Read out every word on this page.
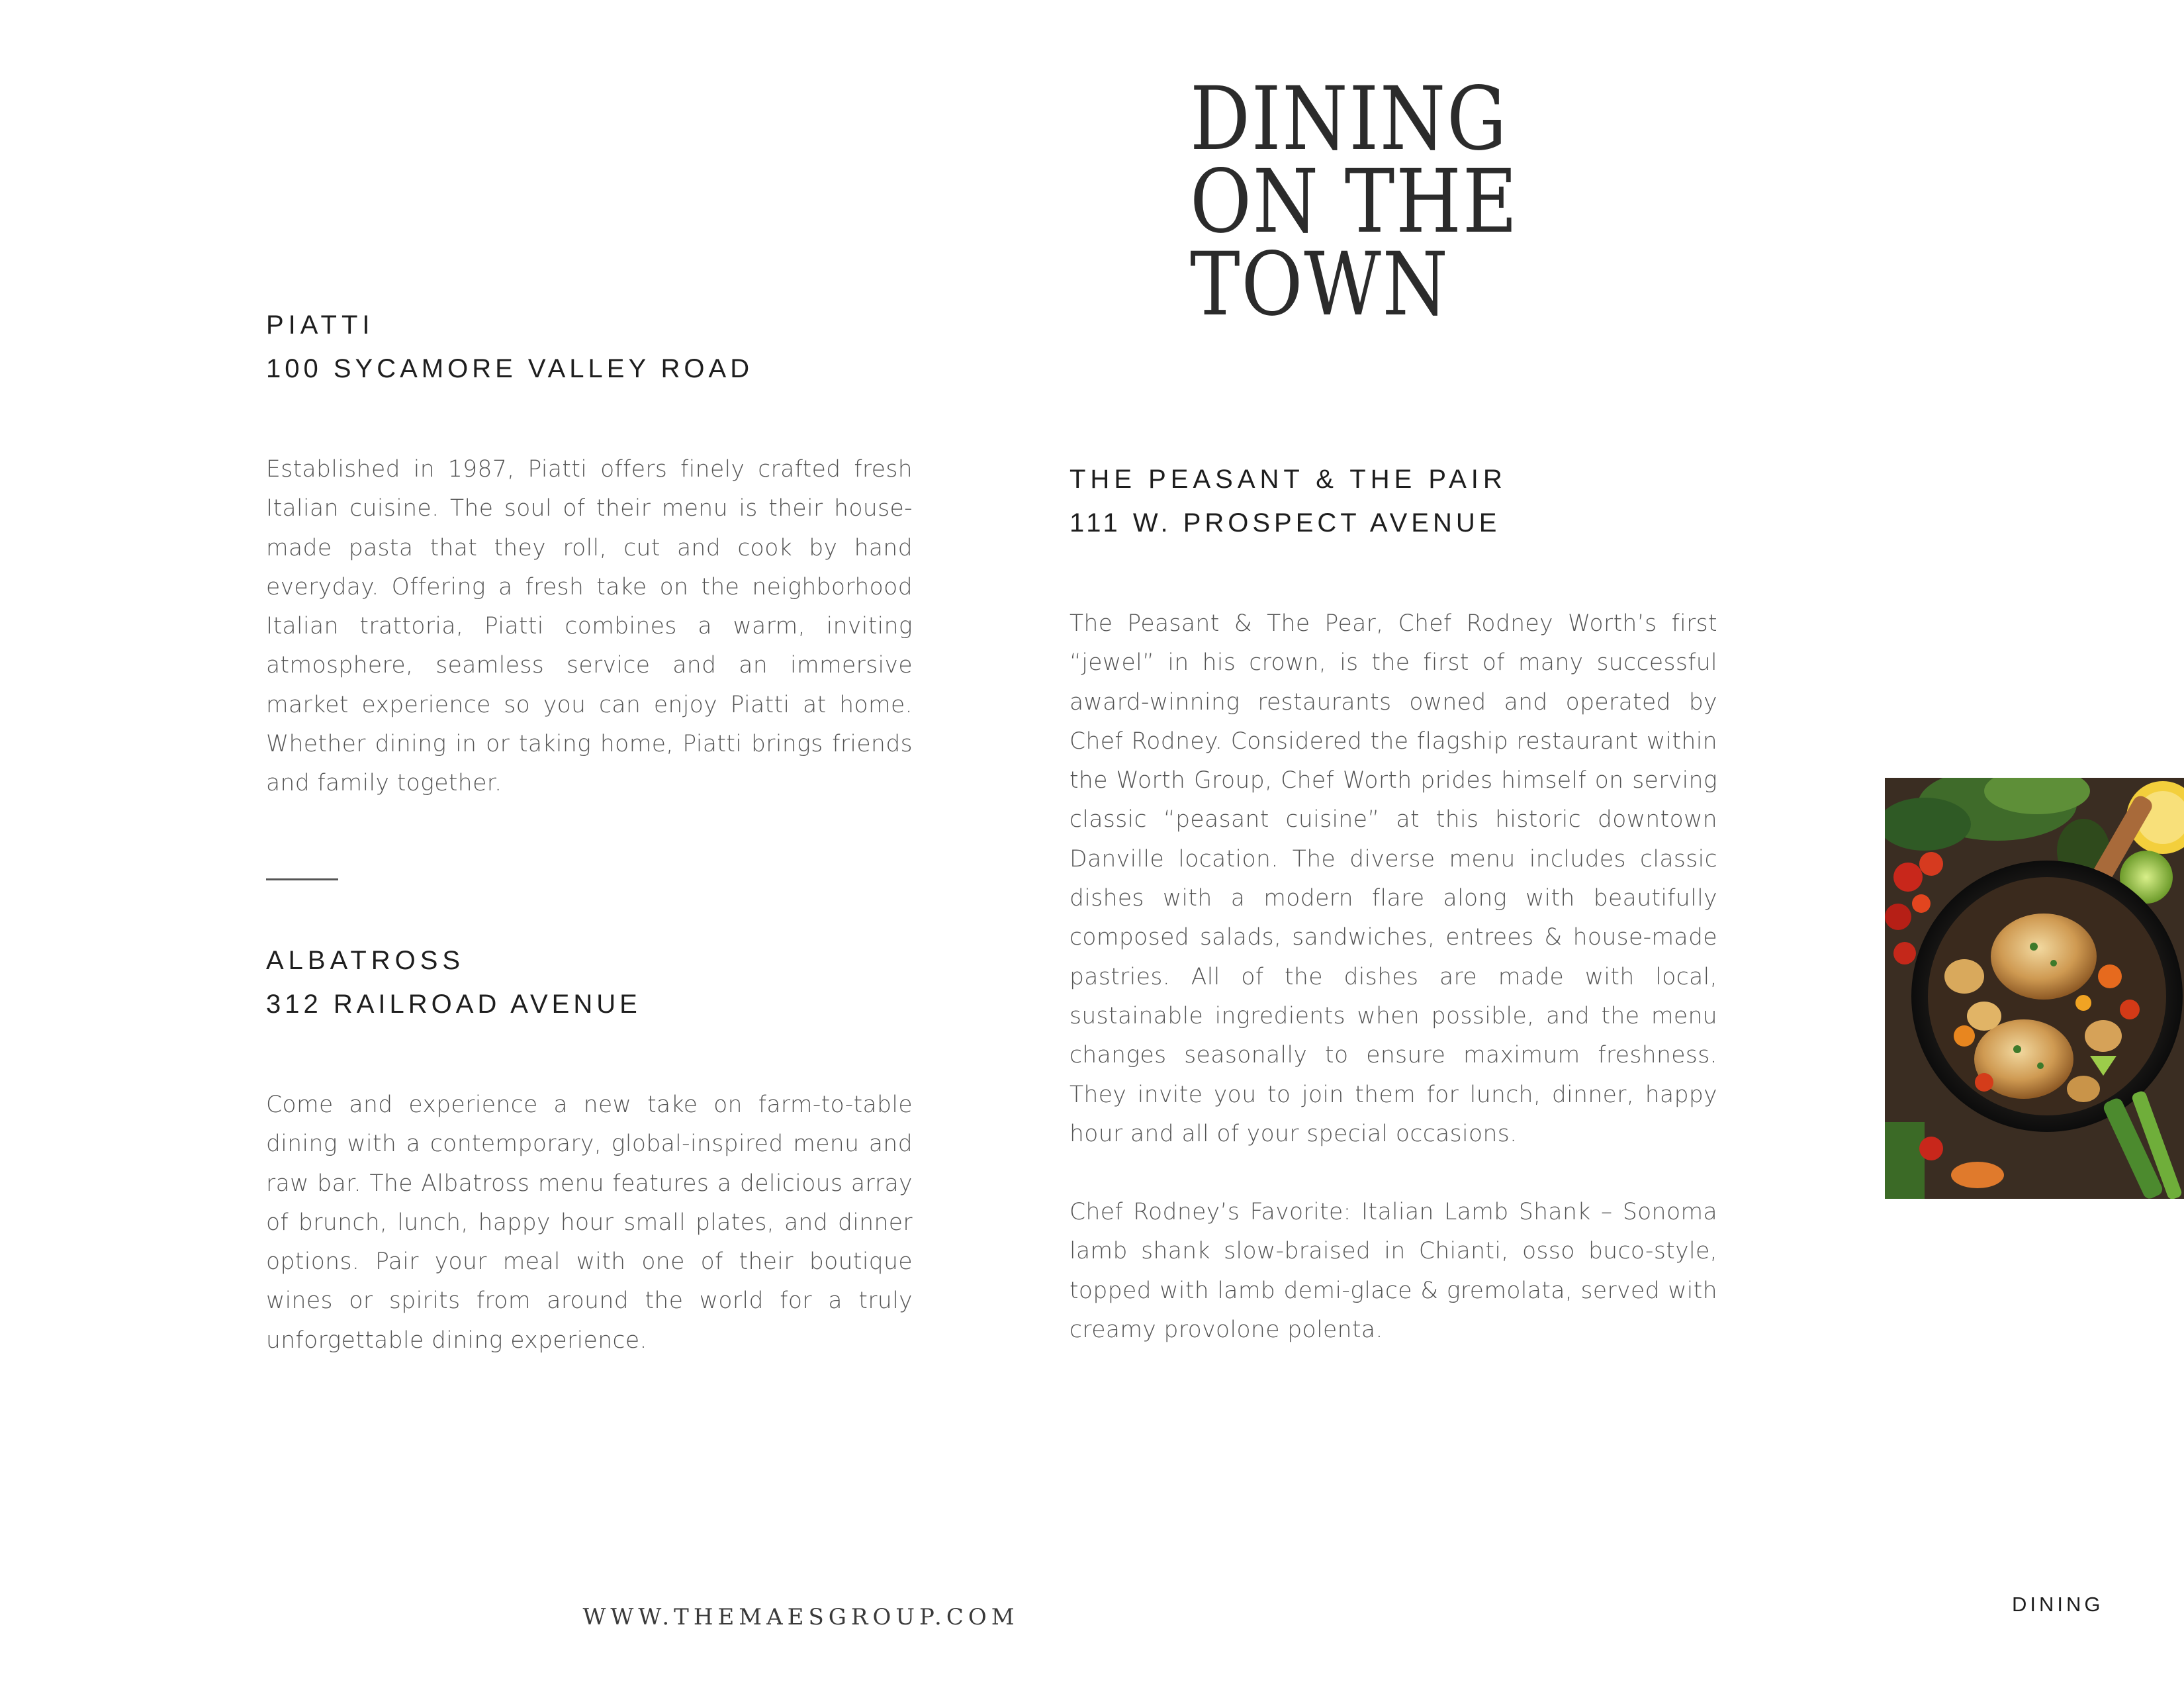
DINING
ON THE
TOWN
PIATTI
100 SYCAMORE VALLEY ROAD

Established in 1987, Piatti offers finely crafted fresh Italian cuisine. The soul of their menu is their house-made pasta that they roll, cut and cook by hand everyday. Offering a fresh take on the neighborhood Italian trattoria, Piatti combines a warm, inviting atmosphere, seamless service and an immersive market experience so you can enjoy Piatti at home. Whether dining in or taking home, Piatti brings friends and family together.

ALBATROSS
312 RAILROAD AVENUE

Come and experience a new take on farm-to-table dining with a contemporary, global-inspired menu and raw bar. The Albatross menu features a delicious array of brunch, lunch, happy hour small plates, and dinner options. Pair your meal with one of their boutique wines or spirits from around the world for a truly unforgettable dining experience.

THE PEASANT & THE PAIR
111 W. PROSPECT AVENUE

The Peasant & The Pear, Chef Rodney Worth’s first “jewel” in his crown, is the first of many successful award-winning restaurants owned and operated by Chef Rodney. Considered the flagship restaurant within the Worth Group, Chef Worth prides himself on serving classic “peasant cuisine” at this historic downtown Danville location. The diverse menu includes classic dishes with a modern flare along with beautifully composed salads, sandwiches, entrees & house-made pastries. All of the dishes are made with local, sustainable ingredients when possible, and the menu changes seasonally to ensure maximum freshness. They invite you to join them for lunch, dinner, happy hour and all of your special occasions.

Chef Rodney’s Favorite: Italian Lamb Shank – Sonoma lamb shank slow-braised in Chianti, osso buco-style, topped with lamb demi-glace & gremolata, served with creamy provolone polenta.

WWW.THEMAESGROUP.COM	DINING
